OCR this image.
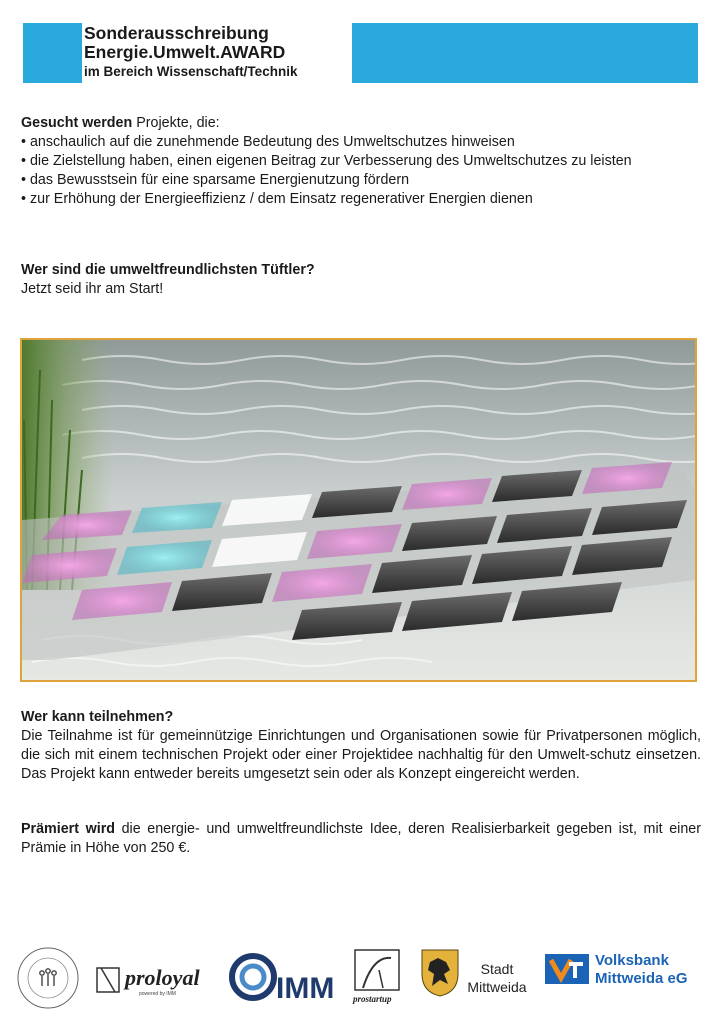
Sonderausschreibung
Energie.Umwelt.AWARD
im Bereich Wissenschaft/Technik
Gesucht werden Projekte, die:
• anschaulich auf die zunehmende Bedeutung des Umweltschutzes hinweisen
• die Zielstellung haben, einen eigenen Beitrag zur Verbesserung des Umweltschutzes zu leisten
• das Bewusstsein für eine sparsame Energienutzung fördern
• zur Erhöhung der Energieeffizienz / dem Einsatz regenerativer Energien dienen
Wer sind die umweltfreundlichsten Tüftler?
Jetzt seid ihr am Start!
Wer kann teilnehmen?

Die Teilnahme ist für gemeinnützige Einrichtungen und Organisationen sowie für Privatpersonen möglich, die sich mit einem technischen Projekt oder einer Projektidee nachhaltig für den Umwelt-schutz einsetzen. Das Projekt kann entweder bereits umgesetzt sein oder als Konzept eingereicht werden.

Prämiert wird die energie- und umweltfreundlichste Idee, deren Realisierbarkeit gegeben ist, mit einer Prämie in Höhe von 250 €.

proloyal
powered by IMM	IMM prostartup
Stadt
Mittweida
Volksbank
Mittweida eG
